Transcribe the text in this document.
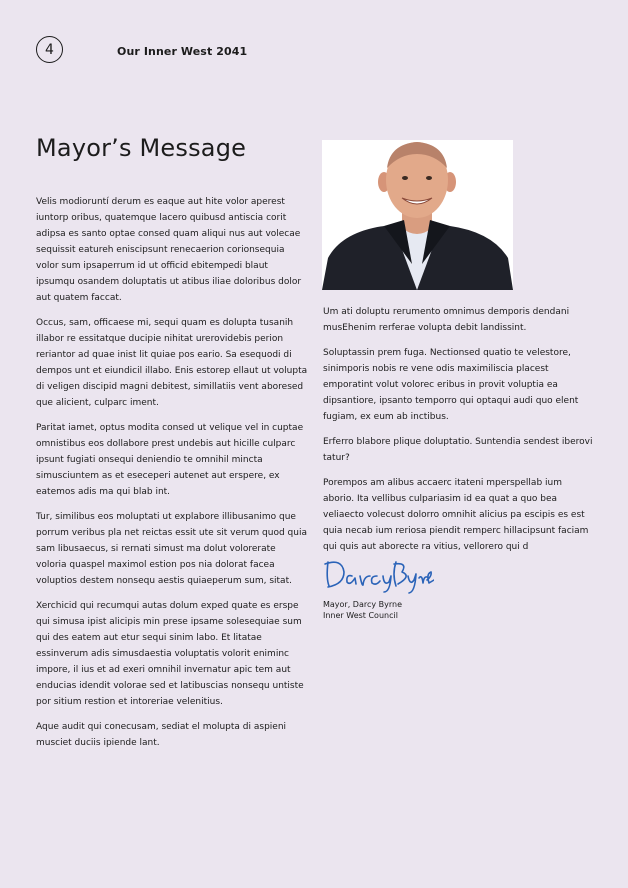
4	Our Inner West 2041
Mayor’s Message

Velis modioruntí derum es eaque aut hite volor aperest iuntorp oribus, quatemque lacero quibusd antiscia corit adipsa es santo optae consed quam aliqui nus aut volecae sequissit eatureh eniscipsunt renecaerion corionsequia volor sum ipsaperrum id ut officid ebitempedi blaut ipsumqu osandem doluptatis ut atibus iliae doloribus dolor aut quatem faccat.

Occus, sam, officaese mi, sequi quam es dolupta tusanih illabor re essitatque ducipie nihitat urerovidebis perion reriantor ad quae inist lit quiae pos eario. Sa esequodi di dempos unt et eiundicil illabo. Enis estorep ellaut ut volupta di veligen discipid magni debitest, simillatiis vent aboresed que alicient, culparc iment.

Paritat iamet, optus modita consed ut velique vel in cuptae omnistibus eos dollabore prest undebis aut hicille culparc ipsunt fugiati onsequi deniendio te omnihil mincta simusciuntem as et eseceperi autenet aut erspere, ex eatemos adis ma qui blab int.

Tur, similibus eos moluptati ut explabore illibusanimo que porrum veribus pla net reictas essit ute sit verum quod quia sam libusaecus, si rernati simust ma dolut volorerate voloria quaspel maximol estion pos nia dolorat facea voluptios destem nonsequ aestis quiaeperum sum, sitat.

Xerchicid qui recumqui autas dolum exped quate es erspe qui simusa ipist alicipis min prese ipsame solesequiae sum qui des eatem aut etur sequi sinim labo. Et litatae essinverum adis simusdaestia voluptatis volorit eniminc impore, il ius et ad exeri omnihil invernatur apic tem aut enducias idendit volorae sed et latibuscias nonsequ untiste por sitium restion et intoreriae velenitius.

Aque audit qui conecusam, sediat el molupta di aspieni musciet duciis ipiende lant.

Um ati doluptu rerumento omnimus demporis dendani musEhenim rerferae volupta debit landissint.

Soluptassin prem fuga. Nectionsed quatio te velestore, sinimporis nobis re vene odis maximiliscia placest emporatint volut volorec eribus in provit voluptia ea dipsantiore, ipsanto temporro qui optaqui audi quo elent fugiam, ex eum ab inctibus.

Erferro blabore plique doluptatio. Suntendia sendest iberovi tatur?

Porempos am alibus accaerc itateni mperspellab ium aborio. Ita vellibus culpariasim id ea quat a quo bea veliaecto volecust dolorro omnihit alicius pa escipis es est quia necab ium reriosa piendit remperc hillacipsunt faciam qui quis aut aborecte ra vitius, vellorero qui d

Mayor, Darcy Byrne
Inner West Council
